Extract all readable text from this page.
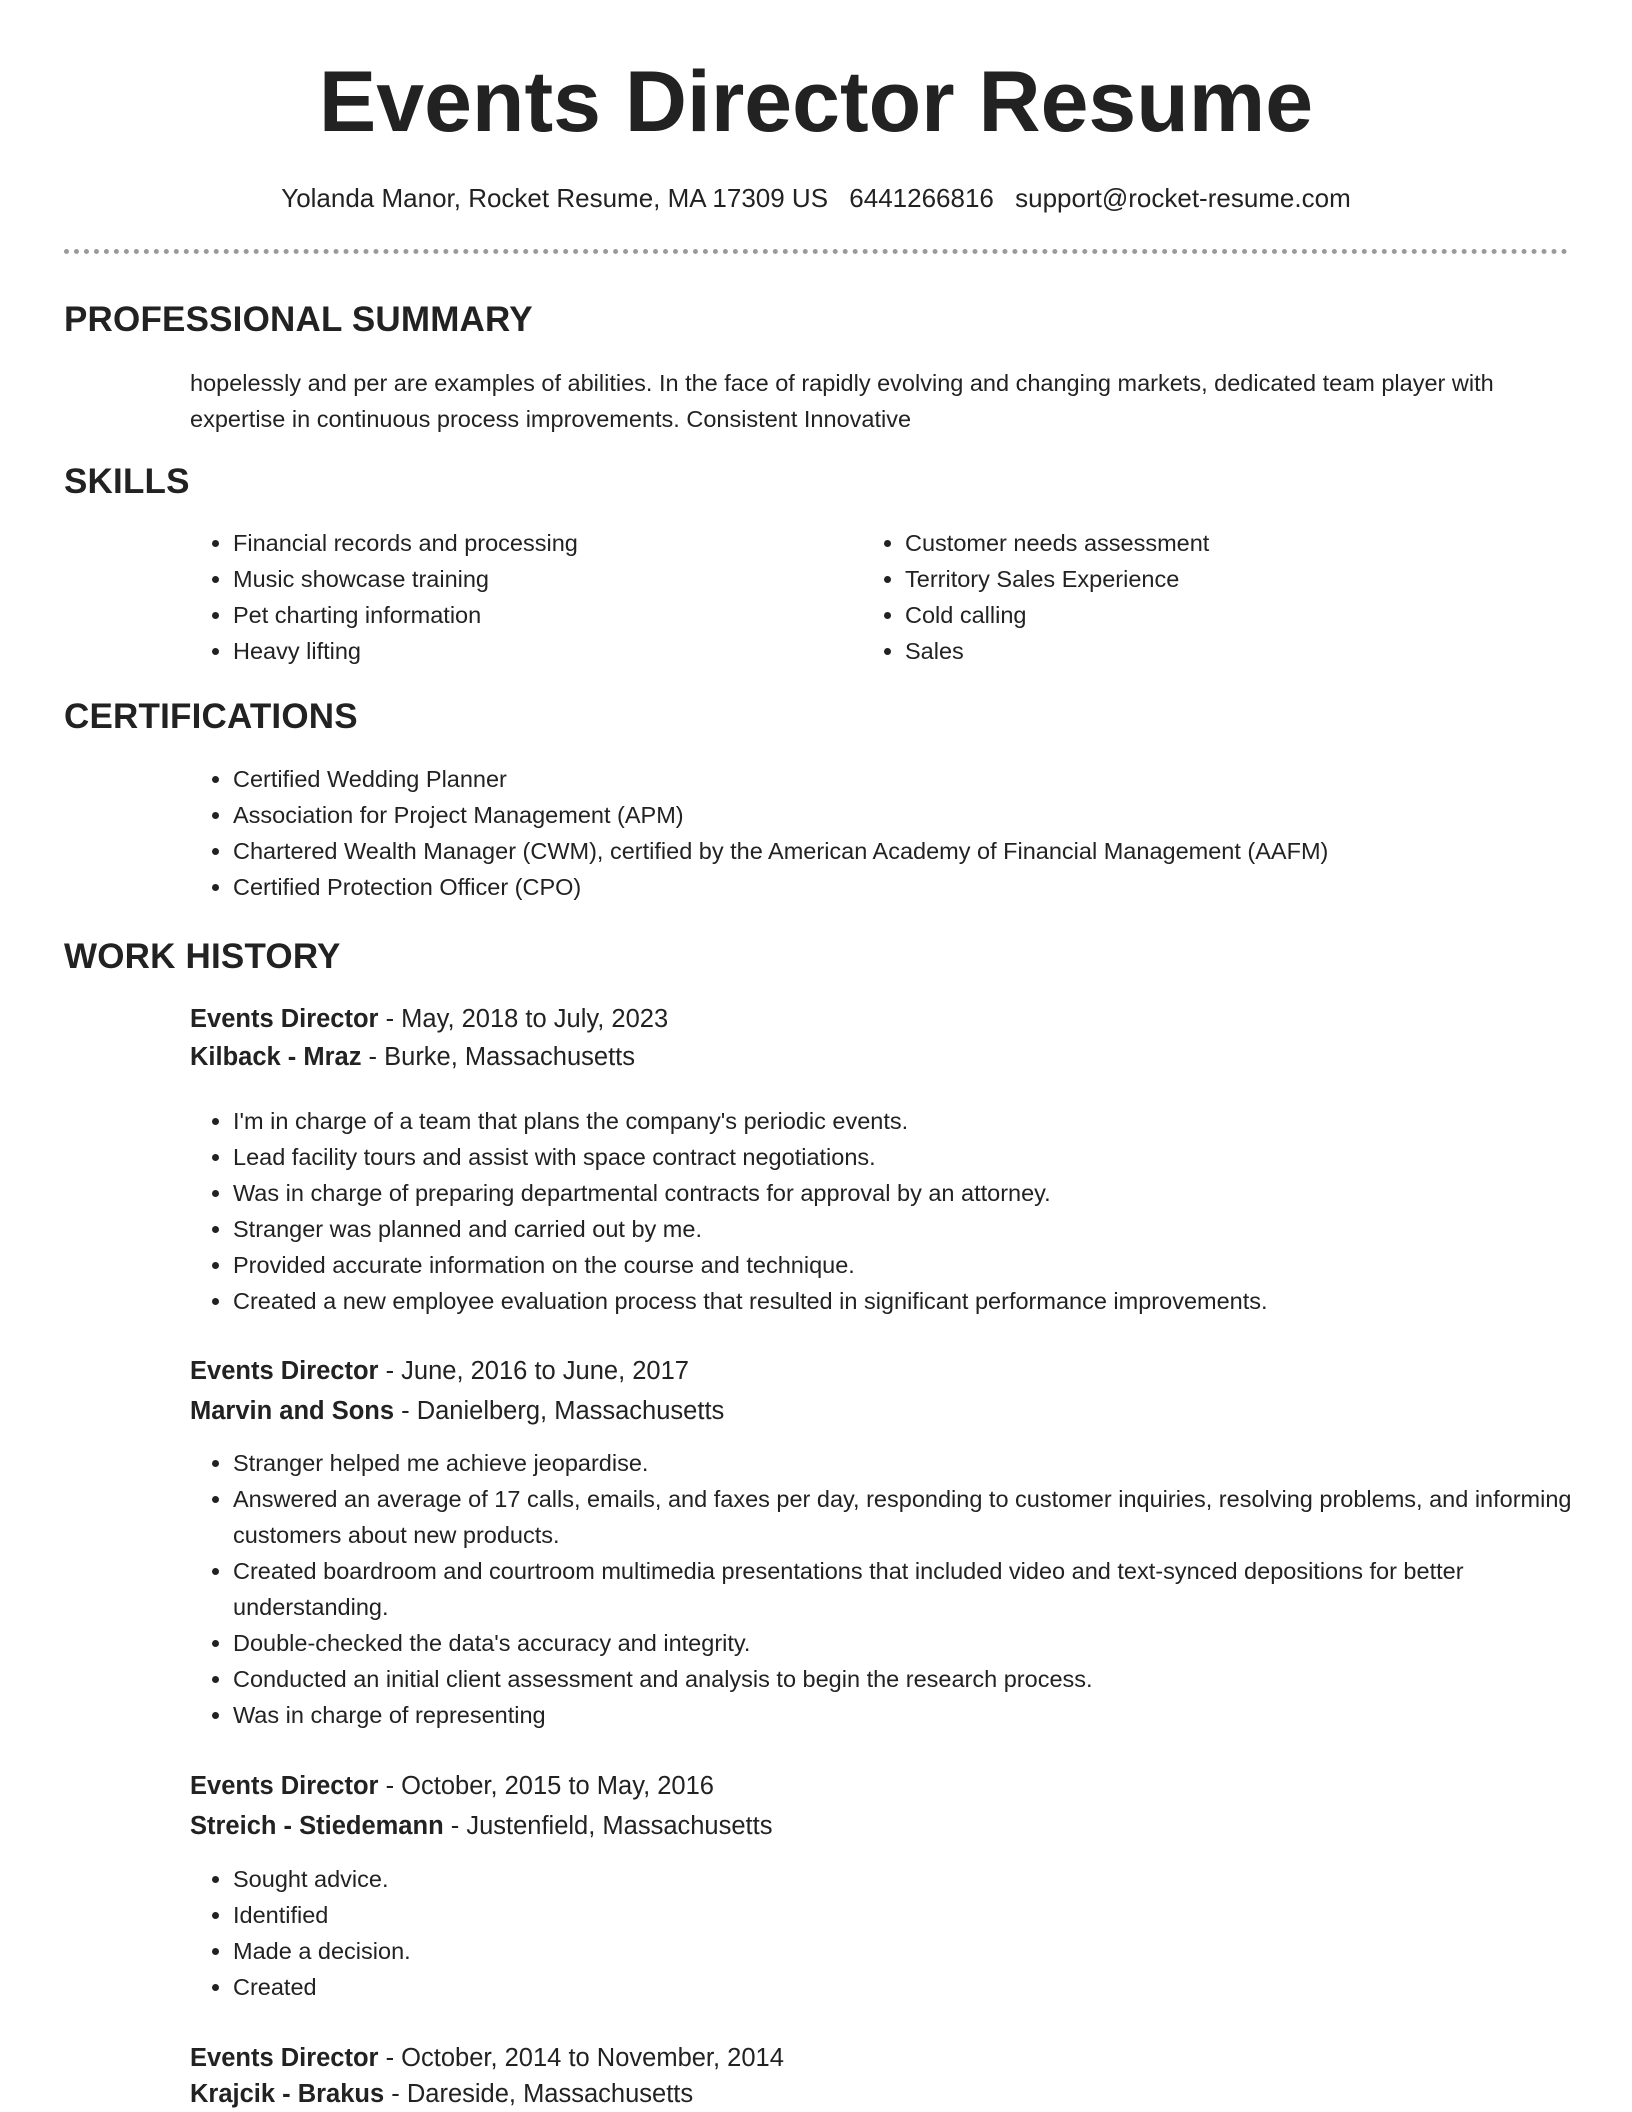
Events Director Resume
Yolanda Manor, Rocket Resume, MA 17309 US 6441266816 support@rocket-resume.com
PROFESSIONAL SUMMARY

hopelessly and per are examples of abilities. In the face of rapidly evolving and changing markets, dedicated team player with expertise in continuous process improvements. Consistent Innovative

SKILLS
• Financial records and processing
• Music showcase training
• Pet charting information
• Heavy lifting
• Customer needs assessment
• Territory Sales Experience
• Cold calling
• Sales
CERTIFICATIONS
• Certified Wedding Planner
• Association for Project Management (APM)
• Chartered Wealth Manager (CWM), certified by the American Academy of Financial Management (AAFM)
• Certified Protection Officer (CPO)
WORK HISTORY
Events Director - May, 2018 to July, 2023
Kilback - Mraz - Burke, Massachusetts
• I'm in charge of a team that plans the company's periodic events.
• Lead facility tours and assist with space contract negotiations.
• Was in charge of preparing departmental contracts for approval by an attorney.
• Stranger was planned and carried out by me.
• Provided accurate information on the course and technique.
• Created a new employee evaluation process that resulted in significant performance improvements.
Events Director - June, 2016 to June, 2017
Marvin and Sons - Danielberg, Massachusetts
• Stranger helped me achieve jeopardise.
• Answered an average of 17 calls, emails, and faxes per day, responding to customer inquiries, resolving problems, and informing customers about new products.
• Created boardroom and courtroom multimedia presentations that included video and text-synced depositions for better understanding.
• Double-checked the data's accuracy and integrity.
• Conducted an initial client assessment and analysis to begin the research process.
• Was in charge of representing
Events Director - October, 2015 to May, 2016
Streich - Stiedemann - Justenfield, Massachusetts
• Sought advice.
• Identified
• Made a decision.
• Created
Events Director - October, 2014 to November, 2014
Krajcik - Brakus - Dareside, Massachusetts
